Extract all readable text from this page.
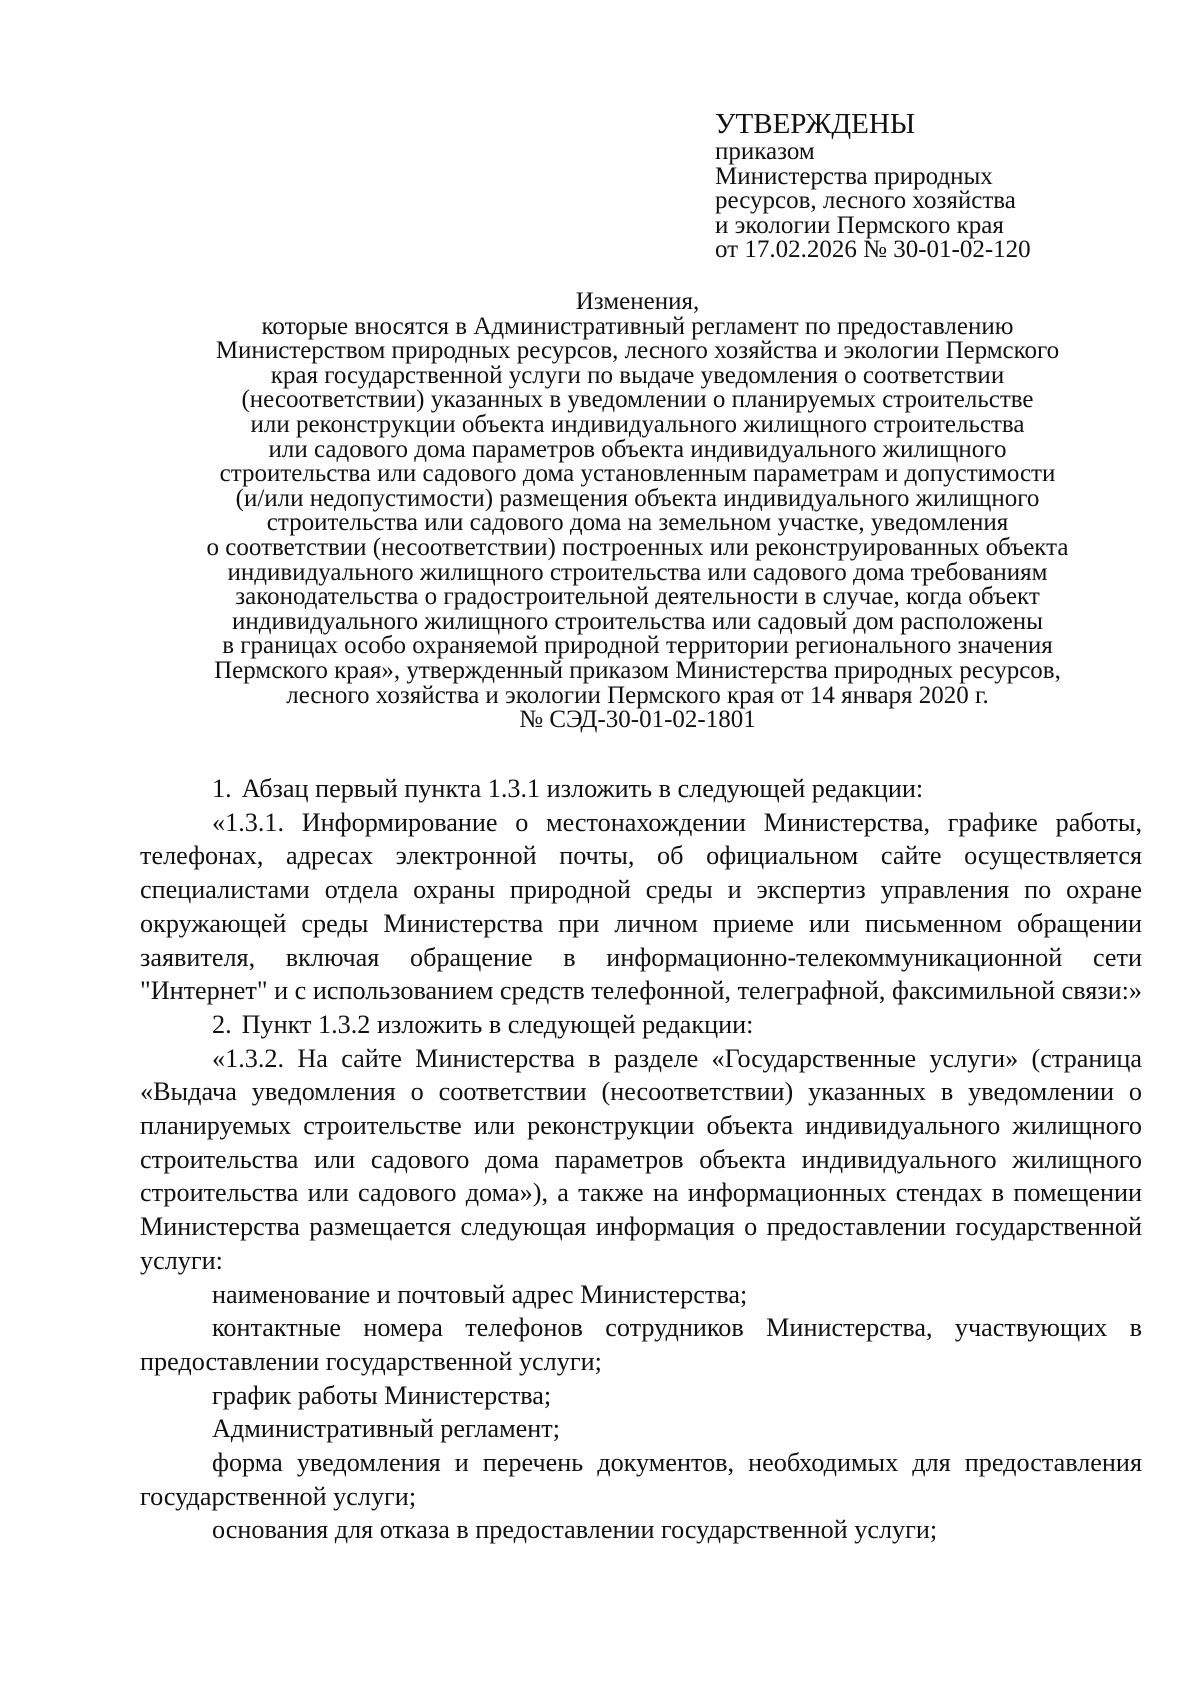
УТВЕРЖДЕНЫ
приказом
Министерства природных
ресурсов, лесного хозяйства
и экологии Пермского края
от 17.02.2026 № 30-01-02-120
Изменения,
которые вносятся в Административный регламент по предоставлению
Министерством природных ресурсов, лесного хозяйства и экологии Пермского
края государственной услуги по выдаче уведомления о соответствии
(несоответствии) указанных в уведомлении о планируемых строительстве
или реконструкции объекта индивидуального жилищного строительства
или садового дома параметров объекта индивидуального жилищного
строительства или садового дома установленным параметрам и допустимости
(и/или недопустимости) размещения объекта индивидуального жилищного
строительства или садового дома на земельном участке, уведомления
о соответствии (несоответствии) построенных или реконструированных объекта
индивидуального жилищного строительства или садового дома требованиям
законодательства о градостроительной деятельности в случае, когда объект
индивидуального жилищного строительства или садовый дом расположены
в границах особо охраняемой природной территории регионального значения
Пермского края», утвержденный приказом Министерства природных ресурсов,
лесного хозяйства и экологии Пермского края от 14 января 2020 г.
№ СЭД-30-01-02-1801

1. Абзац первый пункта 1.3.1 изложить в следующей редакции:

«1.3.1. Информирование о местонахождении Министерства, графике работы, телефонах, адресах электронной почты, об официальном сайте осуществляется специалистами отдела охраны природной среды и экспертиз управления по охране окружающей среды Министерства при личном приеме или письменном обращении заявителя, включая обращение в информационно-телекоммуникационной сети "Интернет" и с использованием средств телефонной, телеграфной, факсимильной связи:»

2. Пункт 1.3.2 изложить в следующей редакции:

«1.3.2. На сайте Министерства в разделе «Государственные услуги» (страница «Выдача уведомления о соответствии (несоответствии) указанных в уведомлении о планируемых строительстве или реконструкции объекта индивидуального жилищного строительства или садового дома параметров объекта индивидуального жилищного строительства или садового дома»), а также на информационных стендах в помещении Министерства размещается следующая информация о предоставлении государственной услуги:

наименование и почтовый адрес Министерства;

контактные номера телефонов сотрудников Министерства, участвующих в предоставлении государственной услуги;

график работы Министерства;

Административный регламент;

форма уведомления и перечень документов, необходимых для предоставления государственной услуги;

основания для отказа в предоставлении государственной услуги;
